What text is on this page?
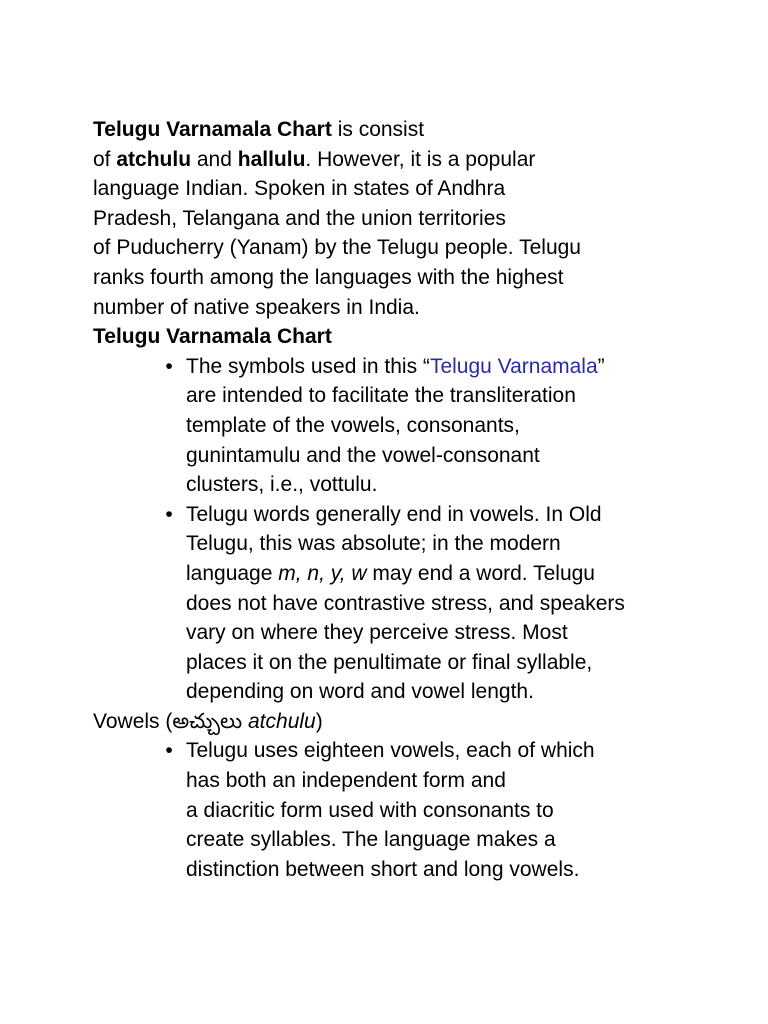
Telugu Varnamala Chart is consist
of atchulu and hallulu. However, it is a popular
language Indian. Spoken in states of Andhra
Pradesh, Telangana and the union territories
of Puducherry (Yanam) by the Telugu people. Telugu
ranks fourth among the languages with the highest
number of native speakers in India.

Telugu Varnamala Chart

• The symbols used in this “Telugu Varnamala”
are intended to facilitate the transliteration
template of the vowels, consonants,
gunintamulu and the vowel-consonant
clusters, i.e., vottulu.
• Telugu words generally end in vowels. In Old
Telugu, this was absolute; in the modern
language m, n, y, w may end a word. Telugu
does not have contrastive stress, and speakers
vary on where they perceive stress. Most
places it on the penultimate or final syllable,
depending on word and vowel length.

Vowels (అచ్చులు atchulu)

• Telugu uses eighteen vowels, each of which
has both an independent form and
a diacritic form used with consonants to
create syllables. The language makes a
distinction between short and long vowels.
